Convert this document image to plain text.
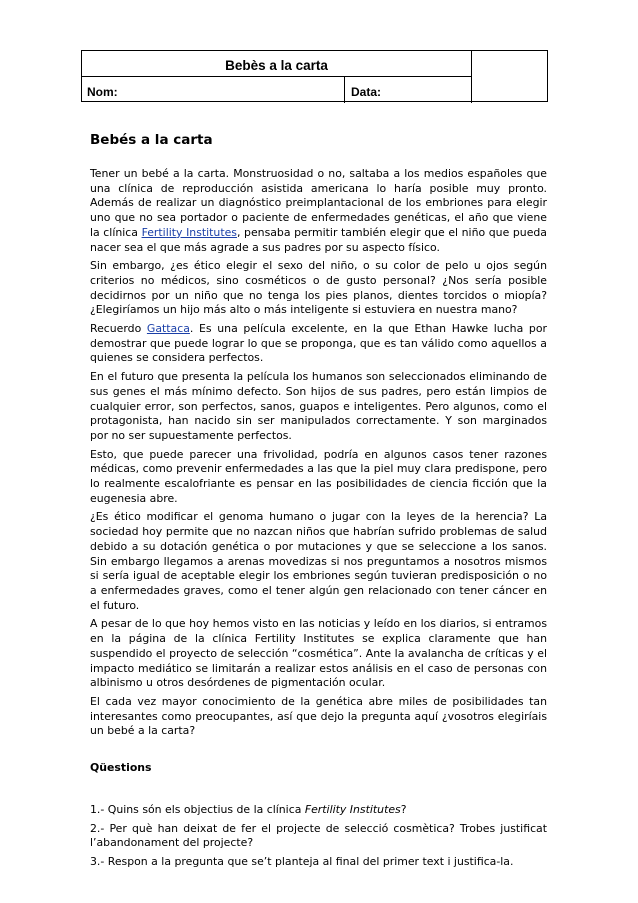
Bebès a la carta
Nom:	Data:
Bebés a la carta

Tener un bebé a la carta. Monstruosidad o no, saltaba a los medios españoles que una clínica de reproducción asistida americana lo haría posible muy pronto. Además de realizar un diagnóstico preimplantacional de los embriones para elegir uno que no sea portador o paciente de enfermedades genéticas, el año que viene la clínica Fertility Institutes, pensaba permitir también elegir que el niño que pueda nacer sea el que más agrade a sus padres por su aspecto físico.

Sin embargo, ¿es ético elegir el sexo del niño, o su color de pelo u ojos según criterios no médicos, sino cosméticos o de gusto personal? ¿Nos sería posible decidirnos por un niño que no tenga los pies planos, dientes torcidos o miopía? ¿Elegiríamos un hijo más alto o más inteligente si estuviera en nuestra mano?

Recuerdo Gattaca. Es una película excelente, en la que Ethan Hawke lucha por demostrar que puede lograr lo que se proponga, que es tan válido como aquellos a quienes se considera perfectos.

En el futuro que presenta la película los humanos son seleccionados eliminando de sus genes el más mínimo defecto. Son hijos de sus padres, pero están limpios de cualquier error, son perfectos, sanos, guapos e inteligentes. Pero algunos, como el protagonista, han nacido sin ser manipulados correctamente. Y son marginados por no ser supuestamente perfectos.

Esto, que puede parecer una frivolidad, podría en algunos casos tener razones médicas, como prevenir enfermedades a las que la piel muy clara predispone, pero lo realmente escalofriante es pensar en las posibilidades de ciencia ficción que la eugenesia abre.

¿Es ético modificar el genoma humano o jugar con la leyes de la herencia? La sociedad hoy permite que no nazcan niños que habrían sufrido problemas de salud debido a su dotación genética o por mutaciones y que se seleccione a los sanos. Sin embargo llegamos a arenas movedizas si nos preguntamos a nosotros mismos si sería igual de aceptable elegir los embriones según tuvieran predisposición o no a enfermedades graves, como el tener algún gen relacionado con tener cáncer en el futuro.

A pesar de lo que hoy hemos visto en las noticias y leído en los diarios, si entramos en la página de la clínica Fertility Institutes se explica claramente que han suspendido el proyecto de selección “cosmética”. Ante la avalancha de críticas y el impacto mediático se limitarán a realizar estos análisis en el caso de personas con albinismo u otros desórdenes de pigmentación ocular.

El cada vez mayor conocimiento de la genética abre miles de posibilidades tan interesantes como preocupantes, así que dejo la pregunta aquí ¿vosotros elegiríais un bebé a la carta?

Qüestions

1.- Quins són els objectius de la clínica Fertility Institutes?

2.- Per què han deixat de fer el projecte de selecció cosmètica? Trobes justificat l’abandonament del projecte?

3.- Respon a la pregunta que se’t planteja al final del primer text i justifica-la.
